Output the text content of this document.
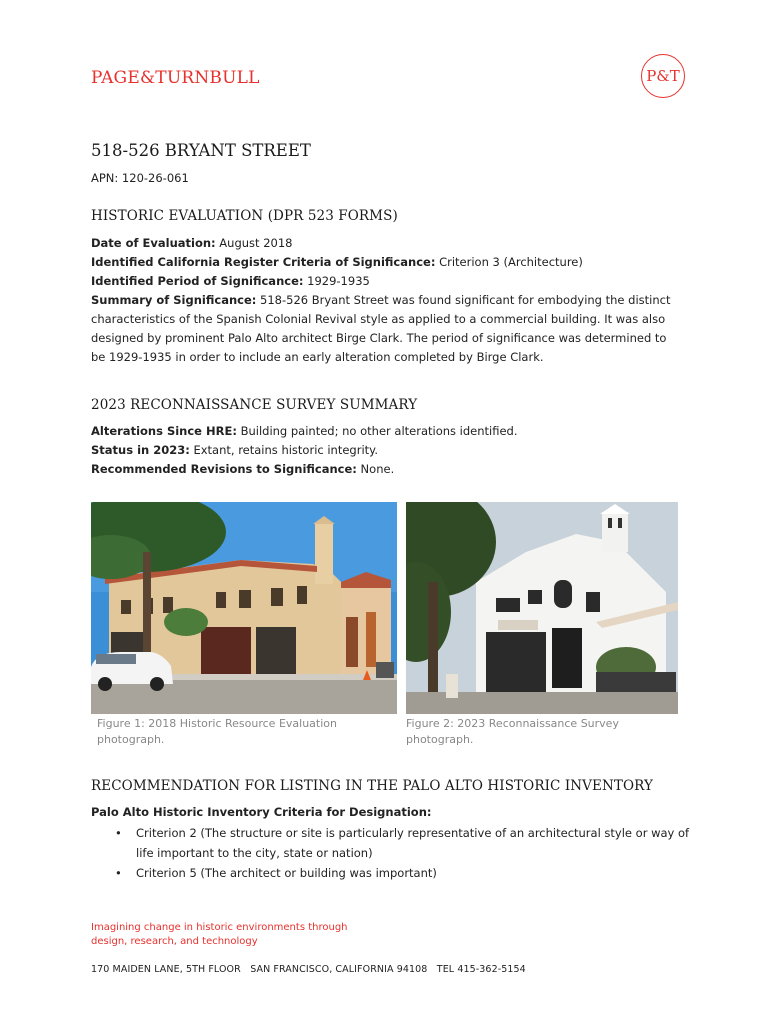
PAGE&TURNBULL	P&T
518-526 BRYANT STREET
APN: 120-26-061
HISTORIC EVALUATION (DPR 523 FORMS)

Date of Evaluation: August 2018

Identified California Register Criteria of Significance: Criterion 3 (Architecture)

Identified Period of Significance: 1929-1935

Summary of Significance: 518-526 Bryant Street was found significant for embodying the distinct characteristics of the Spanish Colonial Revival style as applied to a commercial building. It was also designed by prominent Palo Alto architect Birge Clark. The period of significance was determined to be 1929-1935 in order to include an early alteration completed by Birge Clark.

2023 RECONNAISSANCE SURVEY SUMMARY

Alterations Since HRE: Building painted; no other alterations identified.

Status in 2023: Extant, retains historic integrity.

Recommended Revisions to Significance: None.

Figure 1: 2018 Historic Resource Evaluation photograph.
Figure 2: 2023 Reconnaissance Survey photograph.
RECOMMENDATION FOR LISTING IN THE PALO ALTO HISTORIC INVENTORY

Palo Alto Historic Inventory Criteria for Designation:

• Criterion 2 (The structure or site is particularly representative of an architectural style or way of life important to the city, state or nation)
• Criterion 5 (The architect or building was important)
Imagining change in historic environments through
design, research, and technology
170 MAIDEN LANE, 5TH FLOOR   SAN FRANCISCO, CALIFORNIA 94108   TEL 415-362-5154
